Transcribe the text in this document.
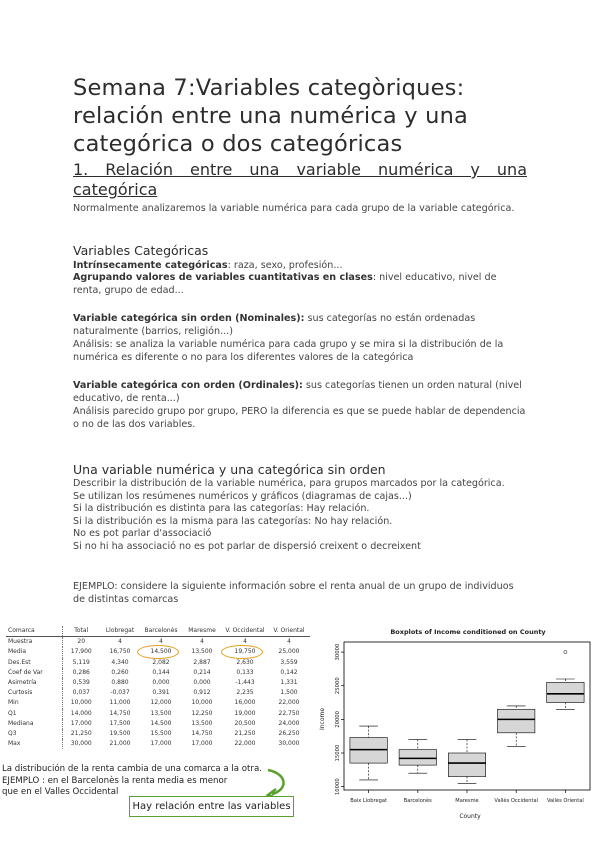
Semana 7:Variables categòriques: relación entre una numérica y una categórica o dos categóricas
1. Relación entre una variable numérica y una
categórica
Normalmente analizaremos la variable numérica para cada grupo de la variable categórica.
Variables Categóricas
Intrínsecamente categóricas: raza, sexo, profesión...
Agrupando valores de variables cuantitativas en clases: nivel educativo, nivel de renta, grupo de edad...
Variable categórica sin orden (Nominales): sus categorías no están ordenadas naturalmente (barrios, religión...)
Análisis: se analiza la variable numérica para cada grupo y se mira si la distribución de la numérica es diferente o no para los diferentes valores de la categórica
Variable categórica con orden (Ordinales): sus categorías tienen un orden natural (nivel educativo, de renta...)
Análisis parecido grupo por grupo, PERO la diferencia es que se puede hablar de dependencia o no de las dos variables.
Una variable numérica y una categórica sin orden
Describir la distribución de la variable numérica, para grupos marcados por la categórica.
Se utilizan los resúmenes numéricos y gráficos (diagramas de cajas...)
Si la distribución es distinta para las categorías: Hay relación.
Si la distribución es la misma para las categorías: No hay relación.
No es pot parlar d'associació
Si no hi ha associació no es pot parlar de dispersió creixent o decreixent
EJEMPLO: considere la siguiente información sobre el renta anual de un grupo de individuos de distintas comarcas
Comarca	Total	Llobregat	Barcelonès	Maresme	V. Occidental	V. Oriental
Muestra	20	4	4	4	4	4
Media	17,900	16,750	14,500	13,500	19,750	25,000
Des.Est	5,119	4,340	2,082	2,887	2,630	3,559
Coef de Var	0,286	0,260	0,144	0,214	0,133	0,142
Asimetría	0,539	0,880	0,000	0,000	-1,443	1,331
Curtosis	0,037	-0,037	0,391	0,912	2,235	1,500
Min	10,000	11,000	12,000	10,000	16,000	22,000
Q1	14,000	14,750	13,500	12,250	19,000	22,750
Mediana	17,000	17,500	14,500	13,500	20,500	24,000
Q3	21,250	19,500	15,500	14,750	21,250	26,250
Max	30,000	21,000	17,000	17,000	22,000	30,000
La distribución de la renta cambia de una comarca a la otra.
EJEMPLO : en el Barcelonès la renta media es menor
que en el Valles Occidental
Hay relación entre las variables
Boxplots of Income conditioned on County
Income
County
10000
15000
20000
25000
30000
Baix Llobregat	Barcelonès	Maresme	Vallès Occidental Vallès Oriental
